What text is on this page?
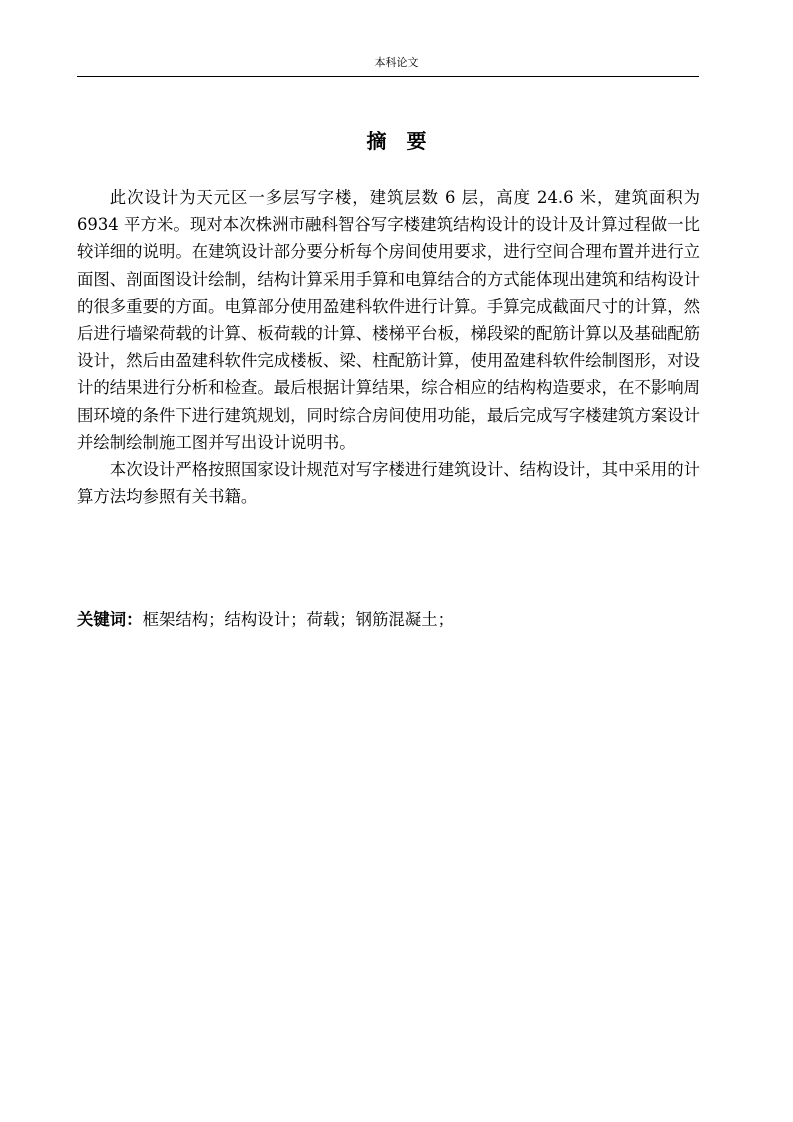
本科论文
摘　要

此次设计为天元区一多层写字楼，建筑层数 6 层，高度 24.6 米，建筑面积为 6934 平方米。现对本次株洲市融科智谷写字楼建筑结构设计的设计及计算过程做一比较详细的说明。在建筑设计部分要分析每个房间使用要求，进行空间合理布置并进行立面图、剖面图设计绘制，结构计算采用手算和电算结合的方式能体现出建筑和结构设计的很多重要的方面。电算部分使用盈建科软件进行计算。手算完成截面尺寸的计算，然后进行墙梁荷载的计算、板荷载的计算、楼梯平台板，梯段梁的配筋计算以及基础配筋设计，然后由盈建科软件完成楼板、梁、柱配筋计算，使用盈建科软件绘制图形，对设计的结果进行分析和检查。最后根据计算结果，综合相应的结构构造要求，在不影响周围环境的条件下进行建筑规划，同时综合房间使用功能，最后完成写字楼建筑方案设计并绘制绘制施工图并写出设计说明书。

本次设计严格按照国家设计规范对写字楼进行建筑设计、结构设计，其中采用的计算方法均参照有关书籍。

关键词：框架结构；结构设计；荷载；钢筋混凝土；
